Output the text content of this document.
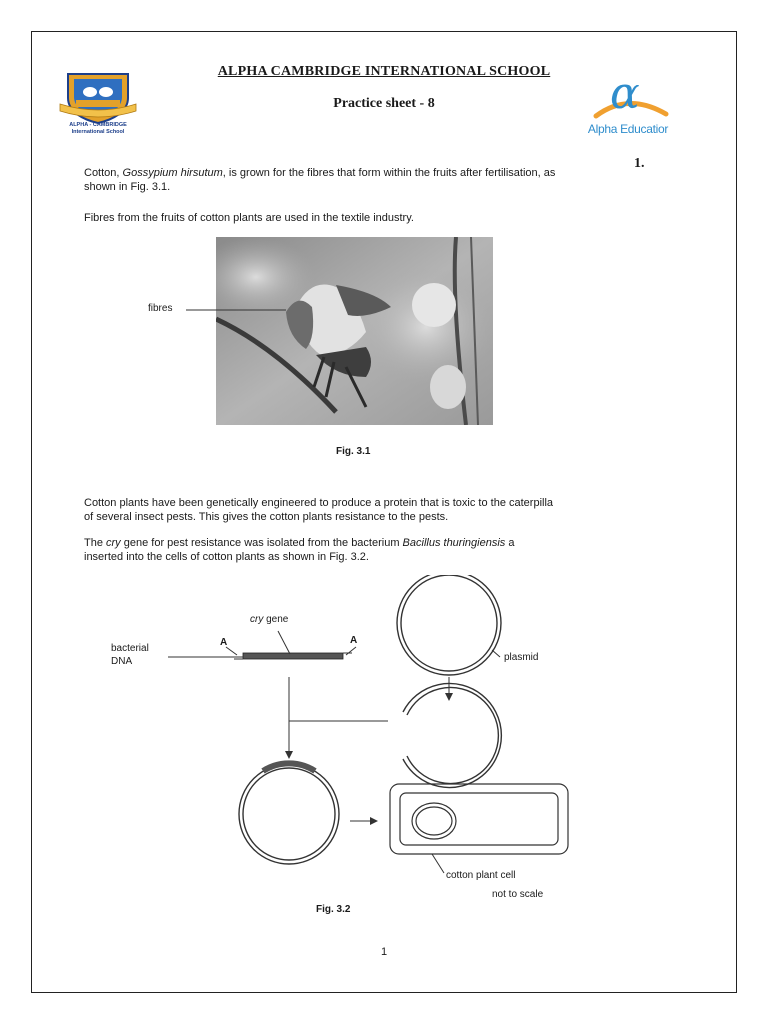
ALPHA - CAMBRIDGE
International School
ALPHA CAMBRIDGE INTERNATIONAL SCHOOL
Practice sheet - 8	α
Alpha Educatior
1.
Cotton, Gossypium hirsutum, is grown for the fibres that form within the fruits after fertilisation, as
shown in Fig. 3.1.
Fibres from the fruits of cotton plants are used in the textile industry.
fibres
Fig. 3.1
Cotton plants have been genetically engineered to produce a protein that is toxic to the caterpilla
of several insect pests. This gives the cotton plants resistance to the pests.
The cry gene for pest resistance was isolated from the bacterium Bacillus thuringiensis a
inserted into the cells of cotton plants as shown in Fig. 3.2.
cry gene
bacterial
DNA
A	A
plasmid
cotton plant cell
not to scale
Fig. 3.2
1
